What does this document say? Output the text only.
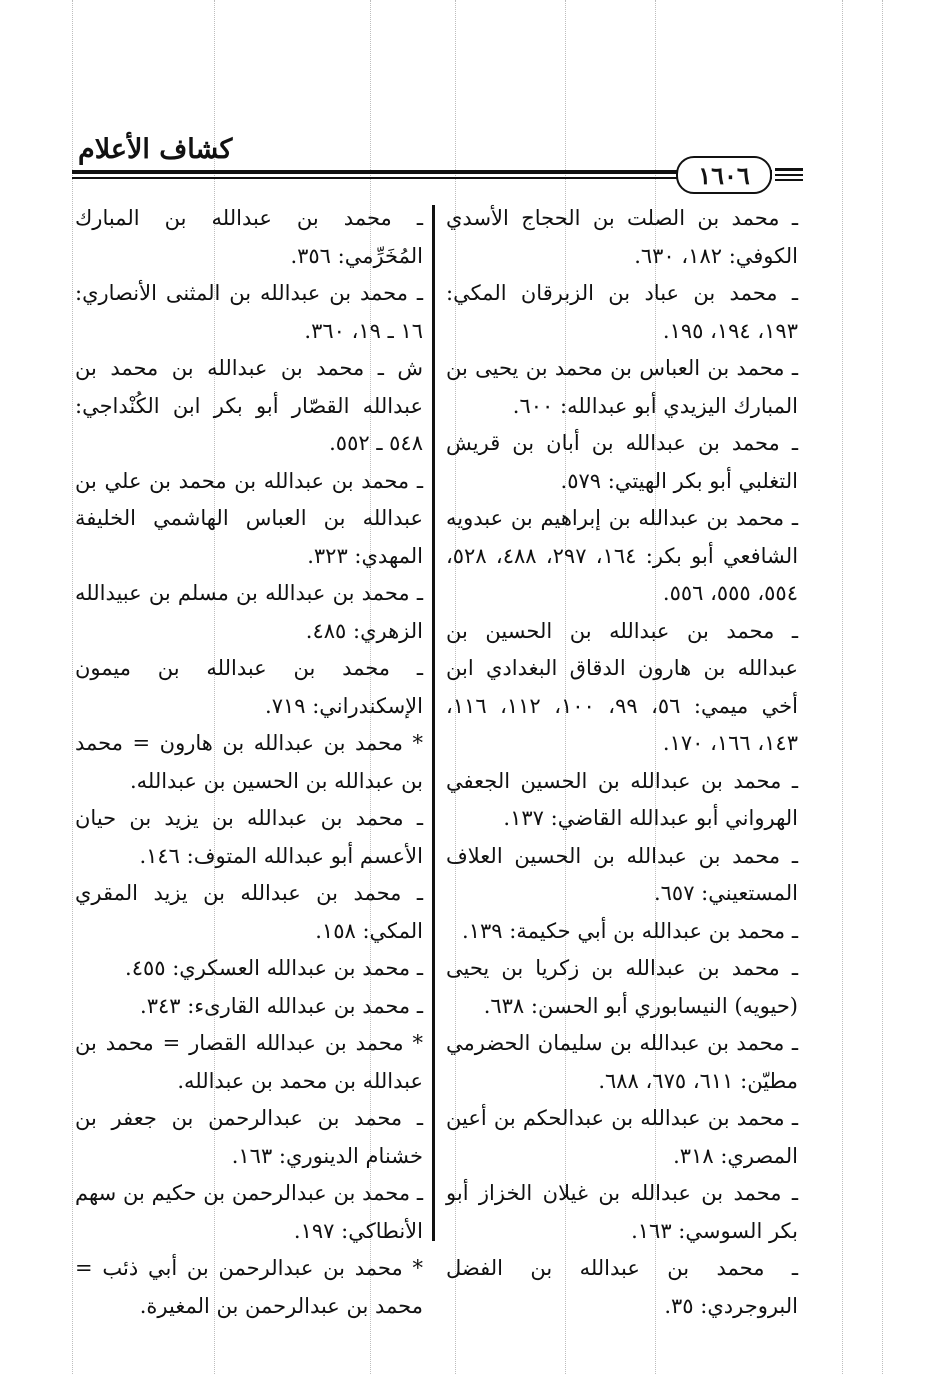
كشاف الأعلام
١٦٠٦

ـ محمد بن الصلت بن الحجاج الأسدي الكوفي: ١٨٢، ٦٣٠.

ـ محمد بن عباد بن الزبرقان المكي: ١٩٣، ١٩٤، ١٩٥.

ـ محمد بن العباس بن محمد بن يحيى بن المبارك اليزيدي أبو عبدالله: ٦٠٠.

ـ محمد بن عبدالله بن أبان بن قريش التغلبي أبو بكر الهيتي: ٥٧٩.

ـ محمد بن عبدالله بن إبراهيم بن عبدويه الشافعي أبو بكر: ١٦٤، ٢٩٧، ٤٨٨، ٥٢٨، ٥٥٤، ٥٥٥، ٥٥٦.

ـ محمد بن عبدالله بن الحسين بن عبدالله بن هارون الدقاق البغدادي ابن أخي ميمي: ٥٦، ٩٩، ١٠٠، ١١٢، ١١٦، ١٤٣، ١٦٦، ١٧٠.

ـ محمد بن عبدالله بن الحسين الجعفي الهرواني أبو عبدالله القاضي: ١٣٧.

ـ محمد بن عبدالله بن الحسين العلاف المستعيني: ٦٥٧.

ـ محمد بن عبدالله بن أبي حكيمة: ١٣٩.

ـ محمد بن عبدالله بن زكريا بن يحيى (حيويه) النيسابوري أبو الحسن: ٦٣٨.

ـ محمد بن عبدالله بن سليمان الحضرمي مطيّن: ٦١١، ٦٧٥، ٦٨٨.

ـ محمد بن عبدالله بن عبدالحكم بن أعين المصري: ٣١٨.

ـ محمد بن عبدالله بن غيلان الخزاز أبو بكر السوسي: ١٦٣.

ـ محمد بن عبدالله بن الفضل البروجردي: ٣٥.

ـ محمد بن عبدالله بن المبارك المُخَرِّمي: ٣٥٦.

ـ محمد بن عبدالله بن المثنى الأنصاري: ١٦ ـ ١٩، ٣٦٠.

ش ـ محمد بن عبدالله بن محمد بن عبدالله القصّار أبو بكر ابن الكُنْداجي: ٥٤٨ ـ ٥٥٢.

ـ محمد بن عبدالله بن محمد بن علي بن عبدالله بن العباس الهاشمي الخليفة المهدي: ٣٢٣.

ـ محمد بن عبدالله بن مسلم بن عبيدالله الزهري: ٤٨٥.

ـ محمد بن عبدالله بن ميمون الإسكندراني: ٧١٩.

* محمد بن عبدالله بن هارون = محمد بن عبدالله بن الحسين بن عبدالله.

ـ محمد بن عبدالله بن يزيد بن حيان الأعسم أبو عبدالله المتوف: ١٤٦.

ـ محمد بن عبدالله بن يزيد المقري المكي: ١٥٨.

ـ محمد بن عبدالله العسكري: ٤٥٥.

ـ محمد بن عبدالله القارىء: ٣٤٣.

* محمد بن عبدالله القصار = محمد بن عبدالله بن محمد بن عبدالله.

ـ محمد بن عبدالرحمن بن جعفر بن خشنام الدينوري: ١٦٣.

ـ محمد بن عبدالرحمن بن حكيم بن سهم الأنطاكي: ١٩٧.

* محمد بن عبدالرحمن بن أبي ذئب = محمد بن عبدالرحمن بن المغيرة.
